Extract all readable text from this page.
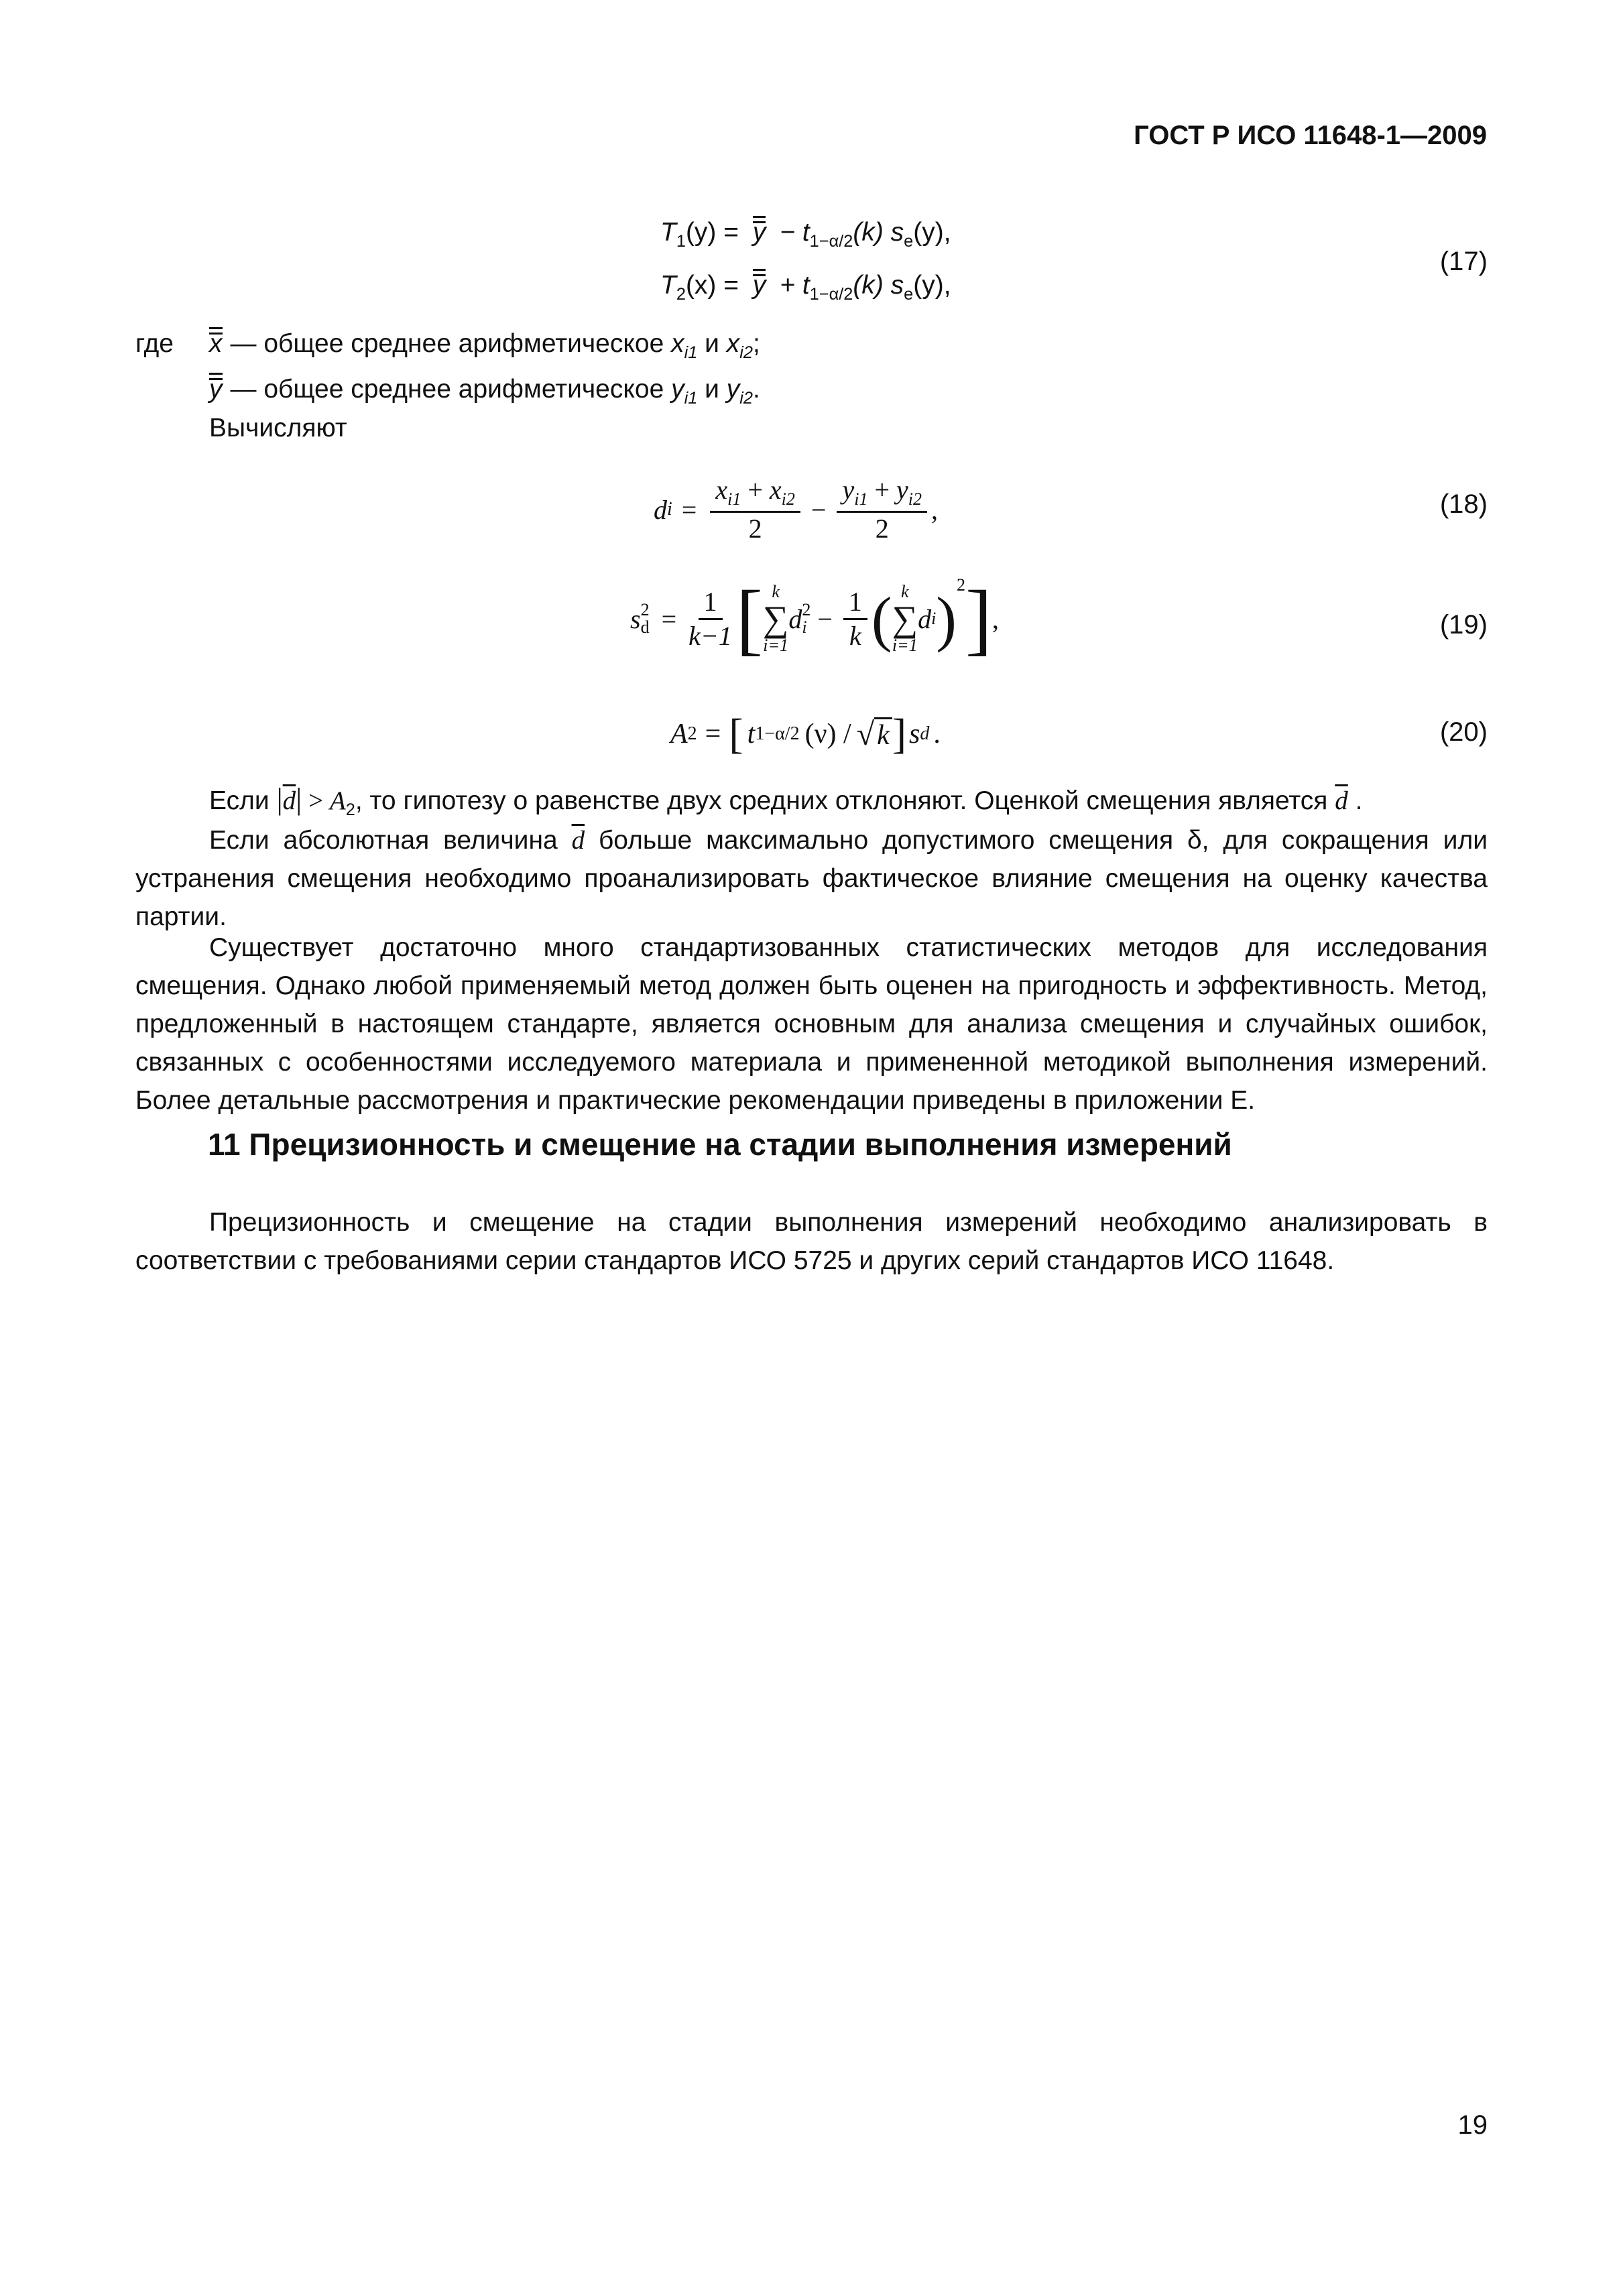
ГОСТ Р ИСО 11648-1—2009
$T_1(y) = y - t_{1-\alpha/2}(k)$ $s_e(y)$,
$T_2(x) = y + t_{1-\alpha/2}(k)$ $s_e(y)$,
(17)
где x — общее среднее арифметическое $x_{i1}$ и $x_{i2}$;
y — общее среднее арифметическое $y_{i1}$ и $y_{i2}$.
Вычисляют
d $i = \frac{x_{i1} + x_{i2}}{2} - \frac{y_{i1} + y_{i2}}{2}$ ,	(18)
s 2
$d = \frac{1}{k-1}$ [ k
∑
i=1
d 2
$i - \frac{1}{k}$ ( k
∑
i=1
d i )$^2$ ] ,	(19)
A 2 = [ t 1−α/2 (ν) / √ k ] s d .	(20)
Если $|\overline{d}| > A_2$, то гипотезу о равенстве двух средних отклоняют. Оценкой смещения является $\overline{d}$ .
Если абсолютная величина $\overline{d}$ больше максимально допустимого смещения δ, для сокращения или устранения смещения необходимо проанализировать фактическое влияние смещения на оценку качества партии.
Существует достаточно много стандартизованных статистических методов для исследования смещения. Однако любой применяемый метод должен быть оценен на пригодность и эффективность. Метод, предложенный в настоящем стандарте, является основным для анализа смещения и случайных ошибок, связанных с особенностями исследуемого материала и примененной методикой выполнения измерений. Более детальные рассмотрения и практические рекомендации приведены в приложении Е.
11 Прецизионность и смещение на стадии выполнения измерений
Прецизионность и смещение на стадии выполнения измерений необходимо анализировать в соответствии с требованиями серии стандартов ИСО 5725 и других серий стандартов ИСО 11648.
19
